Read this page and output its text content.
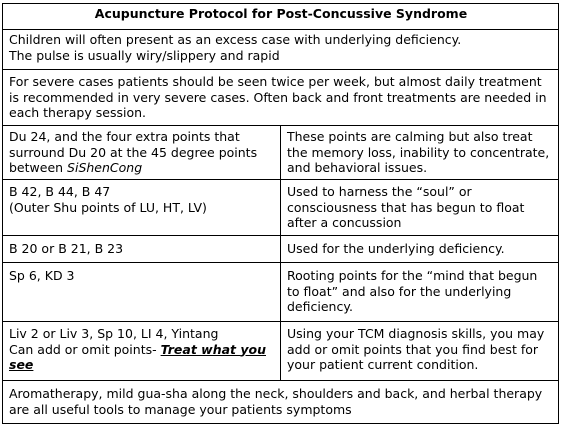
Acupuncture Protocol for Post-Concussive Syndrome	

Children will often present as an excess case with underlying deficiency.
The pulse is usually wiry/slippery and rapid	

For severe cases patients should be seen twice per week, but almost daily treatment is recommended in very severe cases. Often back and front treatments are needed in each therapy session.	
Du 24, and the four extra points that surround Du 20 at the 45 degree points between SiShenCong	These points are calming but also treat the memory loss, inability to concentrate, and behavioral issues.

B 42, B 44, B 47
(Outer Shu points of LU, HT, LV)	Used to harness the “soul” or consciousness that has begun to float after a concussion
B 20 or B 21, B 23	Used for the underlying deficiency.
Sp 6, KD 3	Rooting points for the “mind that begun to float” and also for the underlying deficiency.

Liv 2 or Liv 3, Sp 10, LI 4, Yintang
Can add or omit points- Treat what you see	Using your TCM diagnosis skills, you may add or omit points that you find best for your patient current condition.
Aromatherapy, mild gua-sha along the neck, shoulders and back, and herbal therapy are all useful tools to manage your patients symptoms	
